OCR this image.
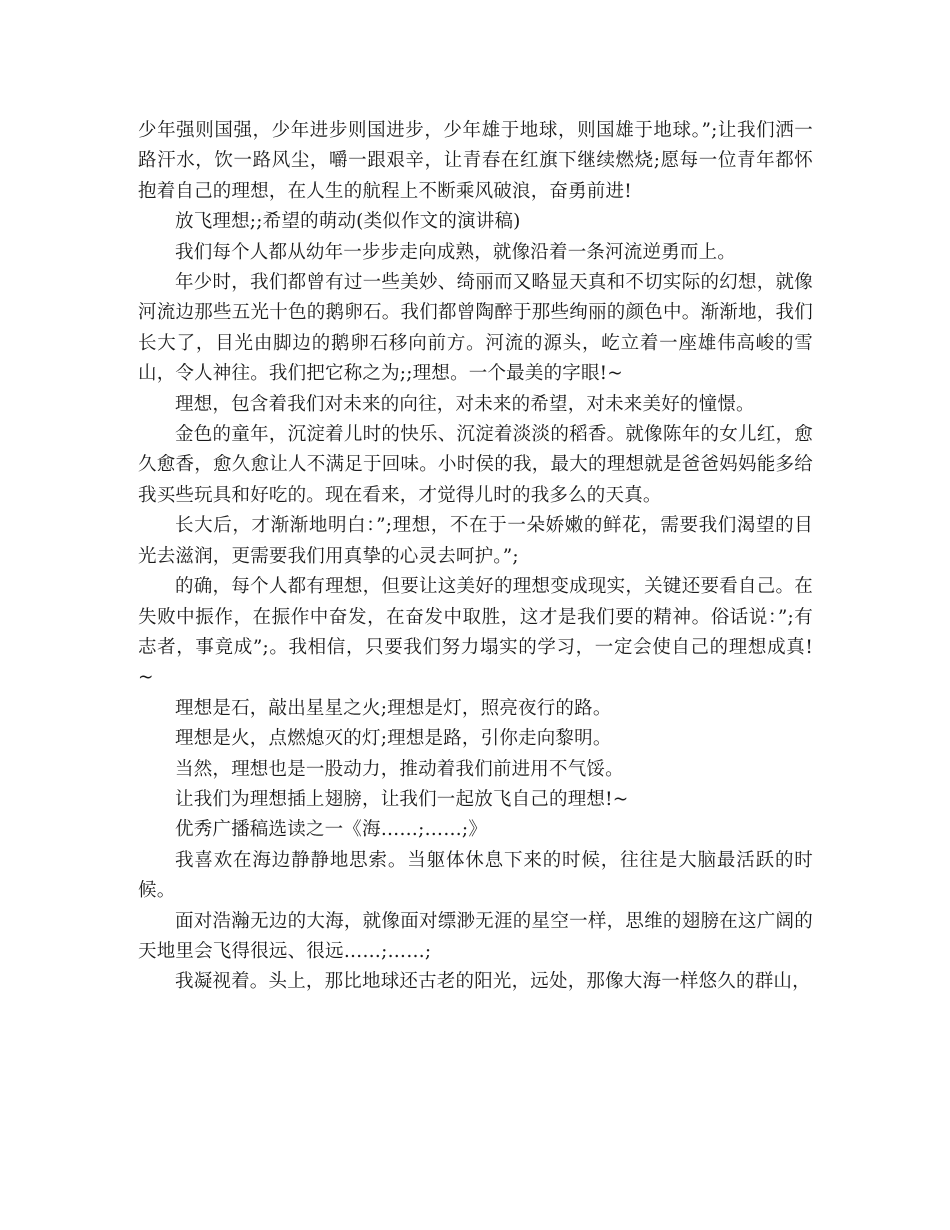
少年强则国强，少年进步则国进步，少年雄于地球，则国雄于地球。”;让我们洒一路汗水，饮一路风尘，嚼一跟艰辛，让青春在红旗下继续燃烧;愿每一位青年都怀抱着自己的理想，在人生的航程上不断乘风破浪，奋勇前进!

放飞理想;;希望的萌动(类似作文的演讲稿)

我们每个人都从幼年一步步走向成熟，就像沿着一条河流逆勇而上。

年少时，我们都曾有过一些美妙、绮丽而又略显天真和不切实际的幻想，就像河流边那些五光十色的鹅卵石。我们都曾陶醉于那些绚丽的颜色中。渐渐地，我们长大了，目光由脚边的鹅卵石移向前方。河流的源头，屹立着一座雄伟高峻的雪山，令人神往。我们把它称之为;;理想。一个最美的字眼!~

理想，包含着我们对未来的向往，对未来的希望，对未来美好的憧憬。

金色的童年，沉淀着儿时的快乐、沉淀着淡淡的稻香。就像陈年的女儿红，愈久愈香，愈久愈让人不满足于回味。小时侯的我，最大的理想就是爸爸妈妈能多给我买些玩具和好吃的。现在看来，才觉得儿时的我多么的天真。

长大后，才渐渐地明白：”;理想，不在于一朵娇嫩的鲜花，需要我们渴望的目光去滋润，更需要我们用真挚的心灵去呵护。”;

的确，每个人都有理想，但要让这美好的理想变成现实，关键还要看自己。在失败中振作，在振作中奋发，在奋发中取胜，这才是我们要的精神。俗话说：”;有志者，事竟成”;。我相信，只要我们努力塌实的学习，一定会使自己的理想成真!~

理想是石，敲出星星之火;理想是灯，照亮夜行的路。

理想是火，点燃熄灭的灯;理想是路，引你走向黎明。

当然，理想也是一股动力，推动着我们前进用不气馁。

让我们为理想插上翅膀，让我们一起放飞自己的理想!~

优秀广播稿选读之一《海……;……;》

我喜欢在海边静静地思索。当躯体休息下来的时候，往往是大脑最活跃的时候。

面对浩瀚无边的大海，就像面对缥渺无涯的星空一样，思维的翅膀在这广阔的天地里会飞得很远、很远……;……;

我凝视着。头上，那比地球还古老的阳光，远处，那像大海一样悠久的群山，
